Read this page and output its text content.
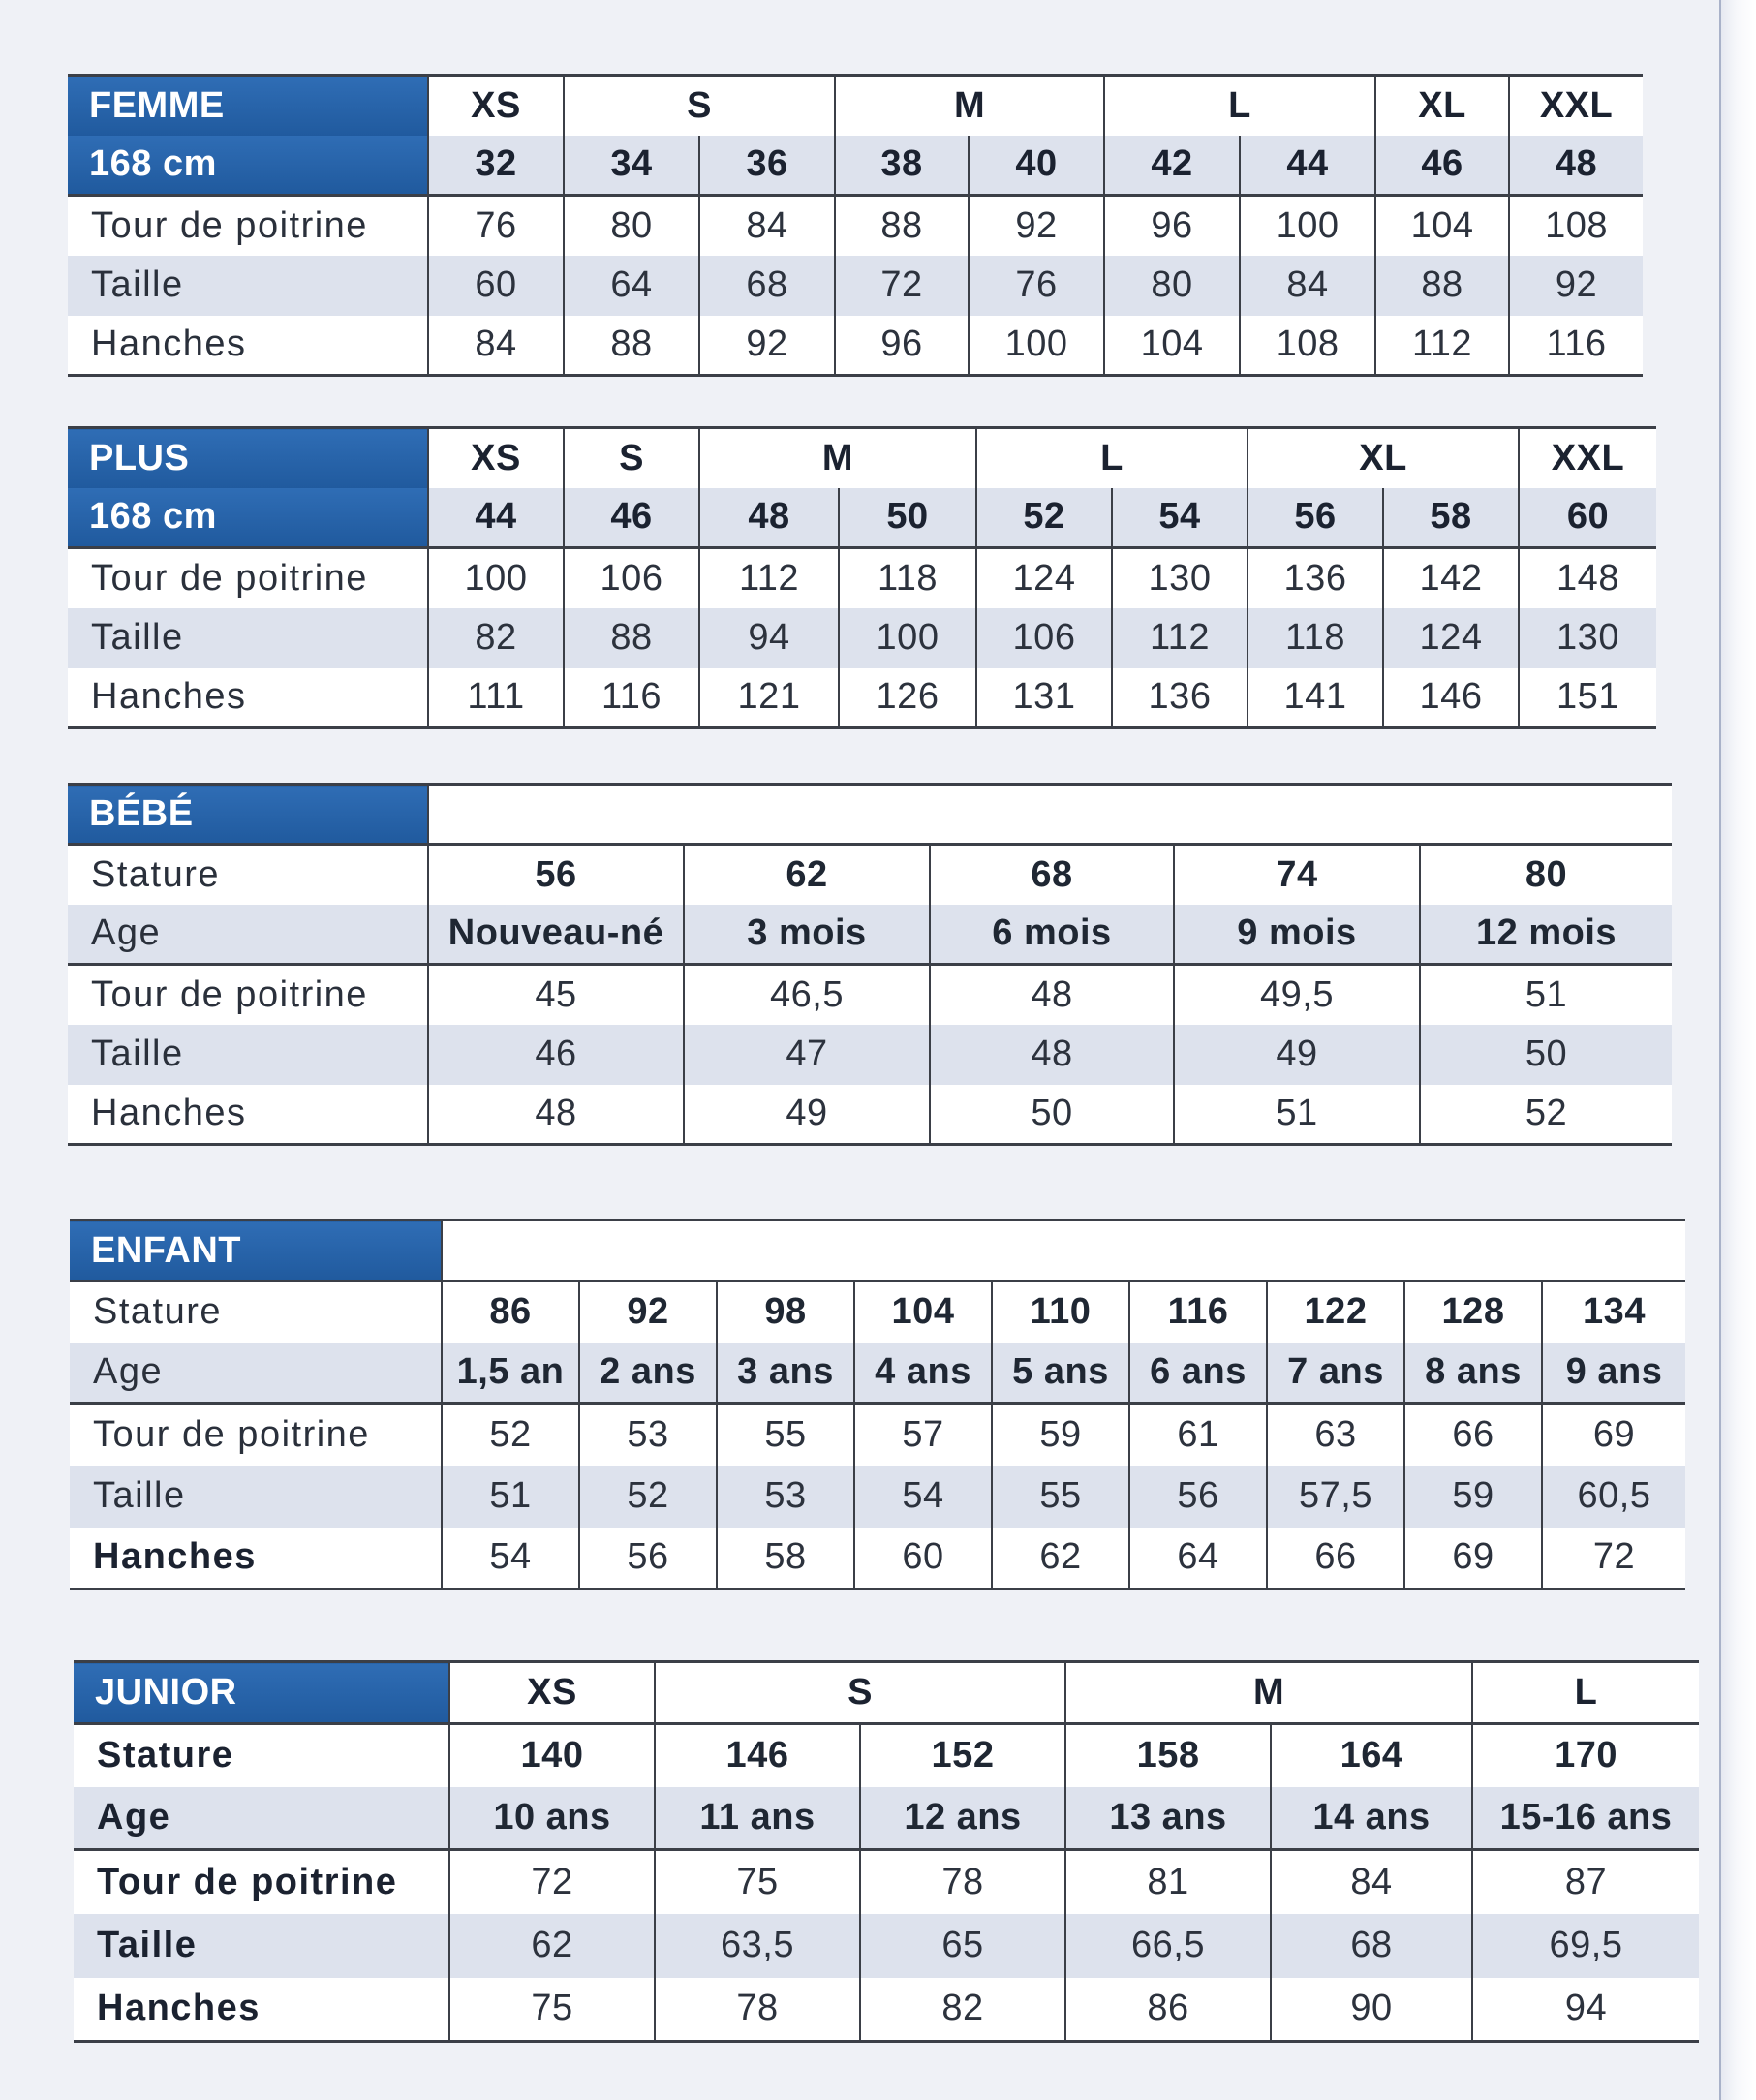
FEMME	XS	S		M		L		XL	XXL
168 cm	32	34	36	38	40	42	44	46	48
Tour de poitrine	76	80	84	88	92	96	100	104	108
Taille	60	64	68	72	76	80	84	88	92
Hanches	84	88	92	96	100	104	108	112	116
PLUS	XS	S	M		L		XL		XXL
168 cm	44	46	48	50	52	54	56	58	60
Tour de poitrine	100	106	112	118	124	130	136	142	148
Taille	82	88	94	100	106	112	118	124	130
Hanches	111	116	121	126	131	136	141	146	151
BÉBÉ					
Stature	56	62	68	74	80
Age	Nouveau-né	3 mois	6 mois	9 mois	12 mois
Tour de poitrine	45	46,5	48	49,5	51
Taille	46	47	48	49	50
Hanches	48	49	50	51	52
ENFANT									
Stature	86	92	98	104	110	116	122	128	134
Age	1,5 an	2 ans	3 ans	4 ans	5 ans	6 ans	7 ans	8 ans	9 ans
Tour de poitrine	52	53	55	57	59	61	63	66	69
Taille	51	52	53	54	55	56	57,5	59	60,5
Hanches	54	56	58	60	62	64	66	69	72
JUNIOR	XS	S		M		L
Stature	140	146	152	158	164	170
Age	10 ans	11 ans	12 ans	13 ans	14 ans	15-16 ans
Tour de poitrine	72	75	78	81	84	87
Taille	62	63,5	65	66,5	68	69,5
Hanches	75	78	82	86	90	94
